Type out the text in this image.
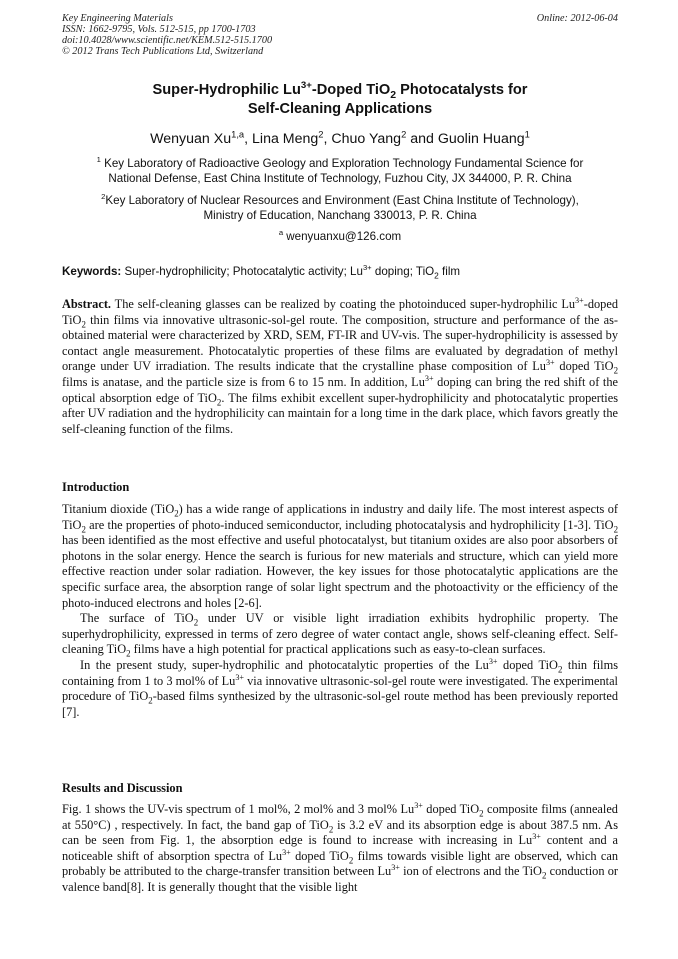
Key Engineering Materials
ISSN: 1662-9795, Vols. 512-515, pp 1700-1703
doi:10.4028/www.scientific.net/KEM.512-515.1700
© 2012 Trans Tech Publications Ltd, Switzerland
Online: 2012-06-04
Super-Hydrophilic $Lu^{3+}$-Doped TiO$_2$ Photocatalysts for
Self-Cleaning Applications
Wenyuan Xu$^{1,a}$, Lina Meng$^2$, Chuo Yang$^2$ and Guolin Huang$^1$
$^1$ Key Laboratory of Radioactive Geology and Exploration Technology Fundamental Science for
National Defense, East China Institute of Technology, Fuzhou City, JX 344000, P. R. China
$^2$Key Laboratory of Nuclear Resources and Environment (East China Institute of Technology),
Ministry of Education, Nanchang 330013, P. R. China
$^a$ wenyuanxu@126.com
Keywords: Super-hydrophilicity; Photocatalytic activity; $Lu^{3+}$ doping; TiO$_2$ film

Abstract. The self-cleaning glasses can be realized by coating the photoinduced super-hydrophilic $Lu^{3+}$-doped TiO$_2$ thin films via innovative ultrasonic-sol-gel route. The composition, structure and performance of the as-obtained material were characterized by XRD, SEM, FT-IR and UV-vis. The super-hydrophilicity is assessed by contact angle measurement. Photocatalytic properties of these films are evaluated by degradation of methyl orange under UV irradiation. The results indicate that the crystalline phase composition of $Lu^{3+}$ doped TiO$_2$ films is anatase, and the particle size is from 6 to 15 nm. In addition, $Lu^{3+}$ doping can bring the red shift of the optical absorption edge of TiO$_2$. The films exhibit excellent super-hydrophilicity and photocatalytic properties after UV radiation and the hydrophilicity can maintain for a long time in the dark place, which favors greatly the self-cleaning function of the films.

Introduction

Titanium dioxide (TiO$_2$) has a wide range of applications in industry and daily life. The most interest aspects of TiO$_2$ are the properties of photo-induced semiconductor, including photocatalysis and hydrophilicity [1-3]. TiO$_2$ has been identified as the most effective and useful photocatalyst, but titanium oxides are also poor absorbers of photons in the solar energy. Hence the search is furious for new materials and structure, which can yield more effective reaction under solar radiation. However, the key issues for those photocatalytic applications are the specific surface area, the absorption range of solar light spectrum and the photoactivity or the efficiency of the photo-induced electrons and holes [2-6].

The surface of TiO$_2$ under UV or visible light irradiation exhibits hydrophilic property. The superhydrophilicity, expressed in terms of zero degree of water contact angle, shows self-cleaning effect. Self-cleaning TiO$_2$ films have a high potential for practical applications such as easy-to-clean surfaces.

In the present study, super-hydrophilic and photocatalytic properties of the $Lu^{3+}$ doped TiO$_2$ thin films containing from 1 to 3 mol% of $Lu^{3+}$ via innovative ultrasonic-sol-gel route were investigated. The experimental procedure of TiO$_2$-based films synthesized by the ultrasonic-sol-gel route method has been previously reported [7].

Results and Discussion

Fig. 1 shows the UV-vis spectrum of 1 mol%, 2 mol% and 3 mol% $Lu^{3+}$ doped TiO$_2$ composite films (annealed at 550°C) , respectively. In fact, the band gap of TiO$_2$ is 3.2 eV and its absorption edge is about 387.5 nm. As can be seen from Fig. 1, the absorption edge is found to increase with increasing in $Lu^{3+}$ content and a noticeable shift of absorption spectra of $Lu^{3+}$ doped TiO$_2$ films towards visible light are observed, which can probably be attributed to the charge-transfer transition between $Lu^{3+}$ ion of electrons and the TiO$_2$ conduction or valence band[8]. It is generally thought that the visible light
